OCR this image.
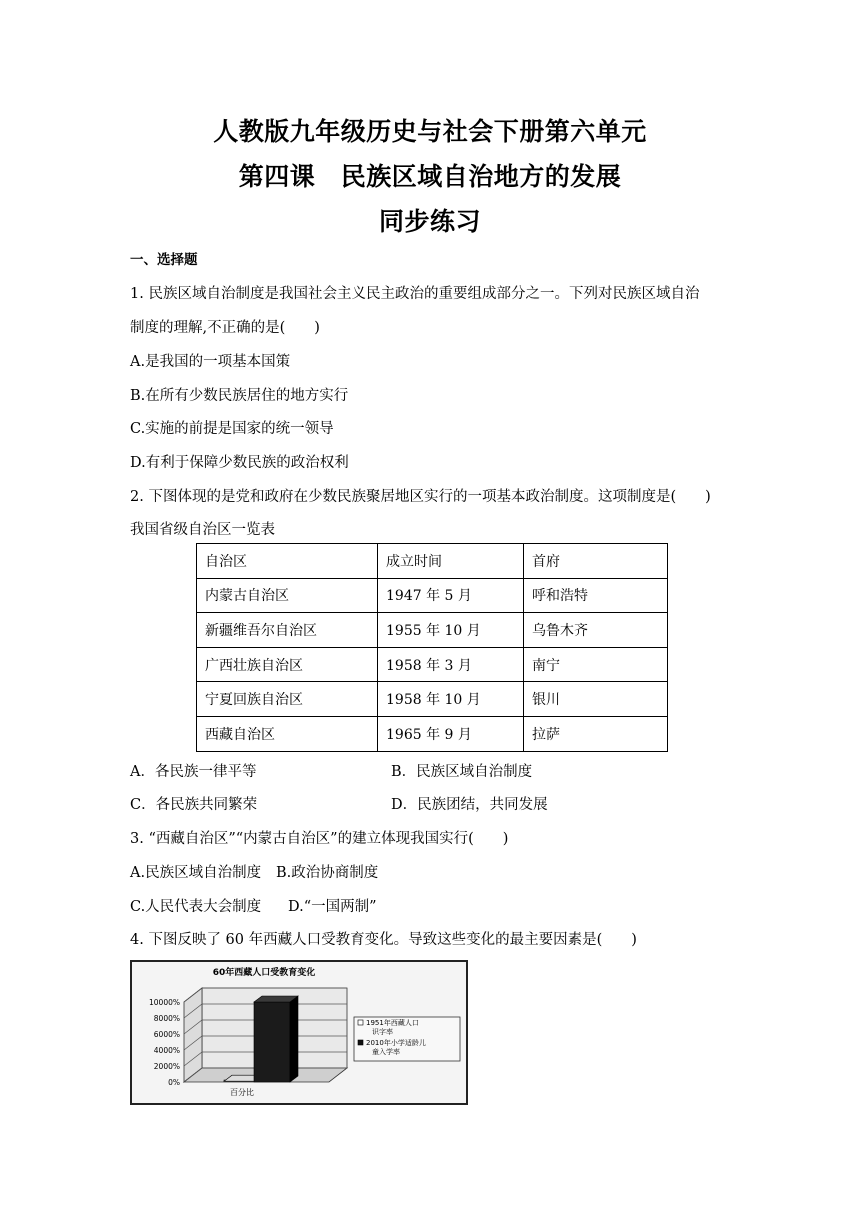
人教版九年级历史与社会下册第六单元
第四课　民族区域自治地方的发展
同步练习
一、选择题
1. 民族区域自治制度是我国社会主义民主政治的重要组成部分之一。下列对民族区域自治
制度的理解,不正确的是(　　)
A.是我国的一项基本国策
B.在所有少数民族居住的地方实行
C.实施的前提是国家的统一领导
D.有利于保障少数民族的政治权利
2. 下图体现的是党和政府在少数民族聚居地区实行的一项基本政治制度。这项制度是(　　)
我国省级自治区一览表
自治区	成立时间	首府
内蒙古自治区	1947 年 5 月	呼和浩特
新疆维吾尔自治区	1955 年 10 月	乌鲁木齐
广西壮族自治区	1958 年 3 月	南宁
宁夏回族自治区	1958 年 10 月	银川
西藏自治区	1965 年 9 月	拉萨
A．各民族一律平等	B．民族区域自治制度
C．各民族共同繁荣	D．民族团结，共同发展
3. “西藏自治区”“内蒙古自治区”的建立体现我国实行(　　)
A.民族区域自治制度 B.政治协商制度
C.人民代表大会制度 D.“一国两制”
4. 下图反映了 60 年西藏人口受教育变化。导致这些变化的最主要因素是(　　)
60年西藏人口受教育变化
0%
2000%
4000%
6000%
8000%
10000%
百分比
1951年西藏人口识字率
2010年小学适龄儿童入学率
